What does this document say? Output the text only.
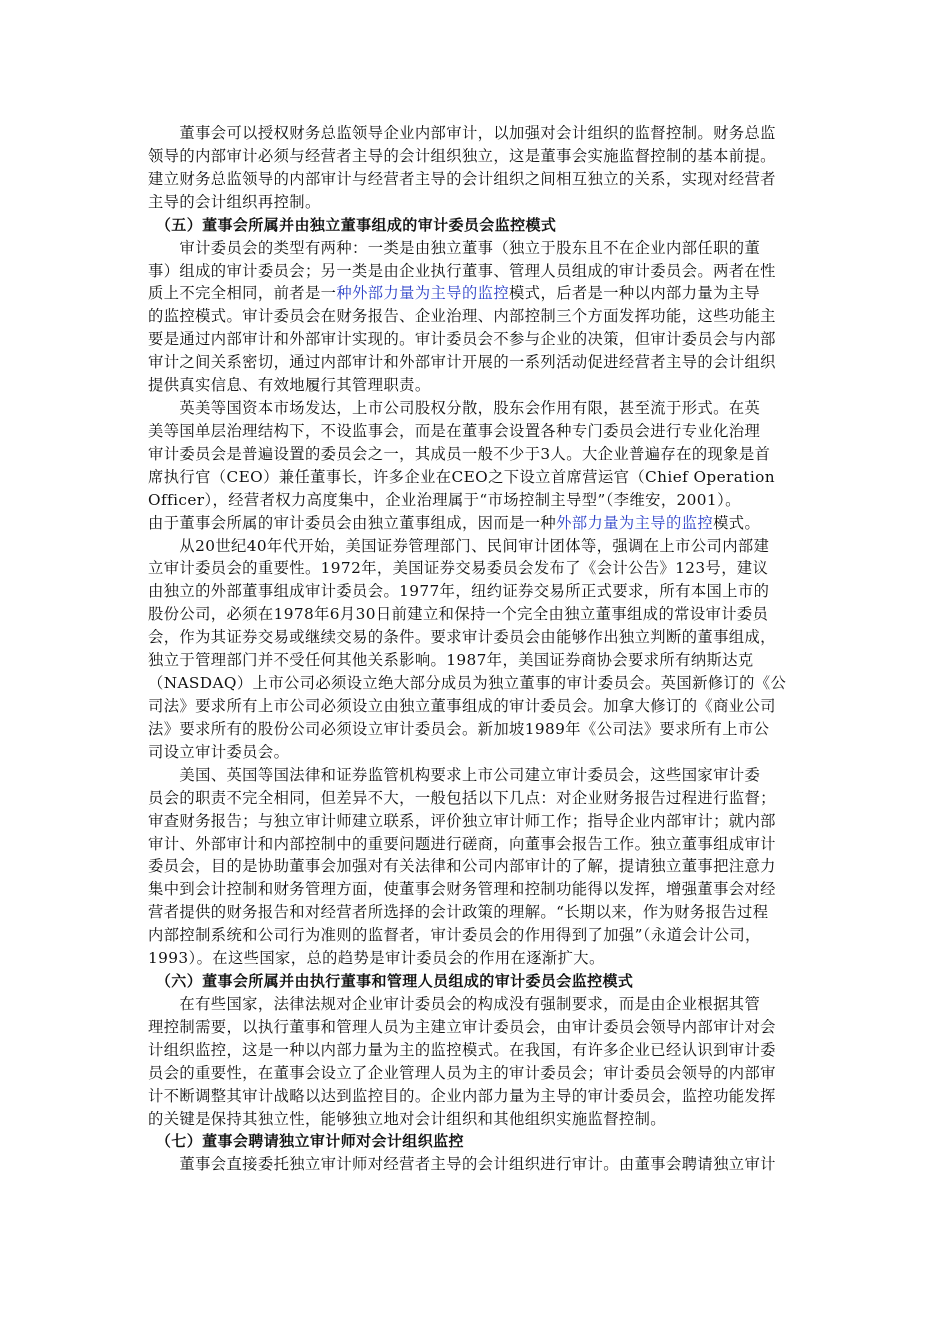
　　董事会可以授权财务总监领导企业内部审计，以加强对会计组织的监督控制。财务总监
领导的内部审计必须与经营者主导的会计组织独立，这是董事会实施监督控制的基本前提。
建立财务总监领导的内部审计与经营者主导的会计组织之间相互独立的关系，实现对经营者
主导的会计组织再控制。
　（五）董事会所属并由独立董事组成的审计委员会监控模式
　　审计委员会的类型有两种：一类是由独立董事（独立于股东且不在企业内部任职的董
事）组成的审计委员会；另一类是由企业执行董事、管理人员组成的审计委员会。两者在性
质上不完全相同，前者是一种外部力量为主导的监控模式，后者是一种以内部力量为主导
的监控模式。审计委员会在财务报告、企业治理、内部控制三个方面发挥功能，这些功能主
要是通过内部审计和外部审计实现的。审计委员会不参与企业的决策，但审计委员会与内部
审计之间关系密切，通过内部审计和外部审计开展的一系列活动促进经营者主导的会计组织
提供真实信息、有效地履行其管理职责。
　　英美等国资本市场发达，上市公司股权分散，股东会作用有限，甚至流于形式。在英
美等国单层治理结构下，不设监事会，而是在董事会设置各种专门委员会进行专业化治理
审计委员会是普遍设置的委员会之一，其成员一般不少于3人。大企业普遍存在的现象是首
席执行官（CEO）兼任董事长，许多企业在CEO之下设立首席营运官（Chief Operation
Officer），经营者权力高度集中，企业治理属于“市场控制主导型”（李维安，2001）。
由于董事会所属的审计委员会由独立董事组成，因而是一种外部力量为主导的监控模式。
　　从20世纪40年代开始，美国证券管理部门、民间审计团体等，强调在上市公司内部建
立审计委员会的重要性。1972年，美国证券交易委员会发布了《会计公告》123号，建议
由独立的外部董事组成审计委员会。1977年，纽约证券交易所正式要求，所有本国上市的
股份公司，必须在1978年6月30日前建立和保持一个完全由独立董事组成的常设审计委员
会，作为其证券交易或继续交易的条件。要求审计委员会由能够作出独立判断的董事组成，
独立于管理部门并不受任何其他关系影响。1987年，美国证券商协会要求所有纳斯达克
（NASDAQ）上市公司必须设立绝大部分成员为独立董事的审计委员会。英国新修订的《公
司法》要求所有上市公司必须设立由独立董事组成的审计委员会。加拿大修订的《商业公司
法》要求所有的股份公司必须设立审计委员会。新加坡1989年《公司法》要求所有上市公
司设立审计委员会。
　　美国、英国等国法律和证券监管机构要求上市公司建立审计委员会，这些国家审计委
员会的职责不完全相同，但差异不大，一般包括以下几点：对企业财务报告过程进行监督；
审查财务报告；与独立审计师建立联系，评价独立审计师工作；指导企业内部审计；就内部
审计、外部审计和内部控制中的重要问题进行磋商，向董事会报告工作。独立董事组成审计
委员会，目的是协助董事会加强对有关法律和公司内部审计的了解，提请独立董事把注意力
集中到会计控制和财务管理方面，使董事会财务管理和控制功能得以发挥，增强董事会对经
营者提供的财务报告和对经营者所选择的会计政策的理解。“长期以来，作为财务报告过程
内部控制系统和公司行为准则的监督者，审计委员会的作用得到了加强”（永道会计公司，
1993）。在这些国家，总的趋势是审计委员会的作用在逐渐扩大。
　（六）董事会所属并由执行董事和管理人员组成的审计委员会监控模式
　　在有些国家，法律法规对企业审计委员会的构成没有强制要求，而是由企业根据其管
理控制需要，以执行董事和管理人员为主建立审计委员会，由审计委员会领导内部审计对会
计组织监控，这是一种以内部力量为主的监控模式。在我国，有许多企业已经认识到审计委
员会的重要性，在董事会设立了企业管理人员为主的审计委员会；审计委员会领导的内部审
计不断调整其审计战略以达到监控目的。企业内部力量为主导的审计委员会，监控功能发挥
的关键是保持其独立性，能够独立地对会计组织和其他组织实施监督控制。
　（七）董事会聘请独立审计师对会计组织监控
　　董事会直接委托独立审计师对经营者主导的会计组织进行审计。由董事会聘请独立审计
